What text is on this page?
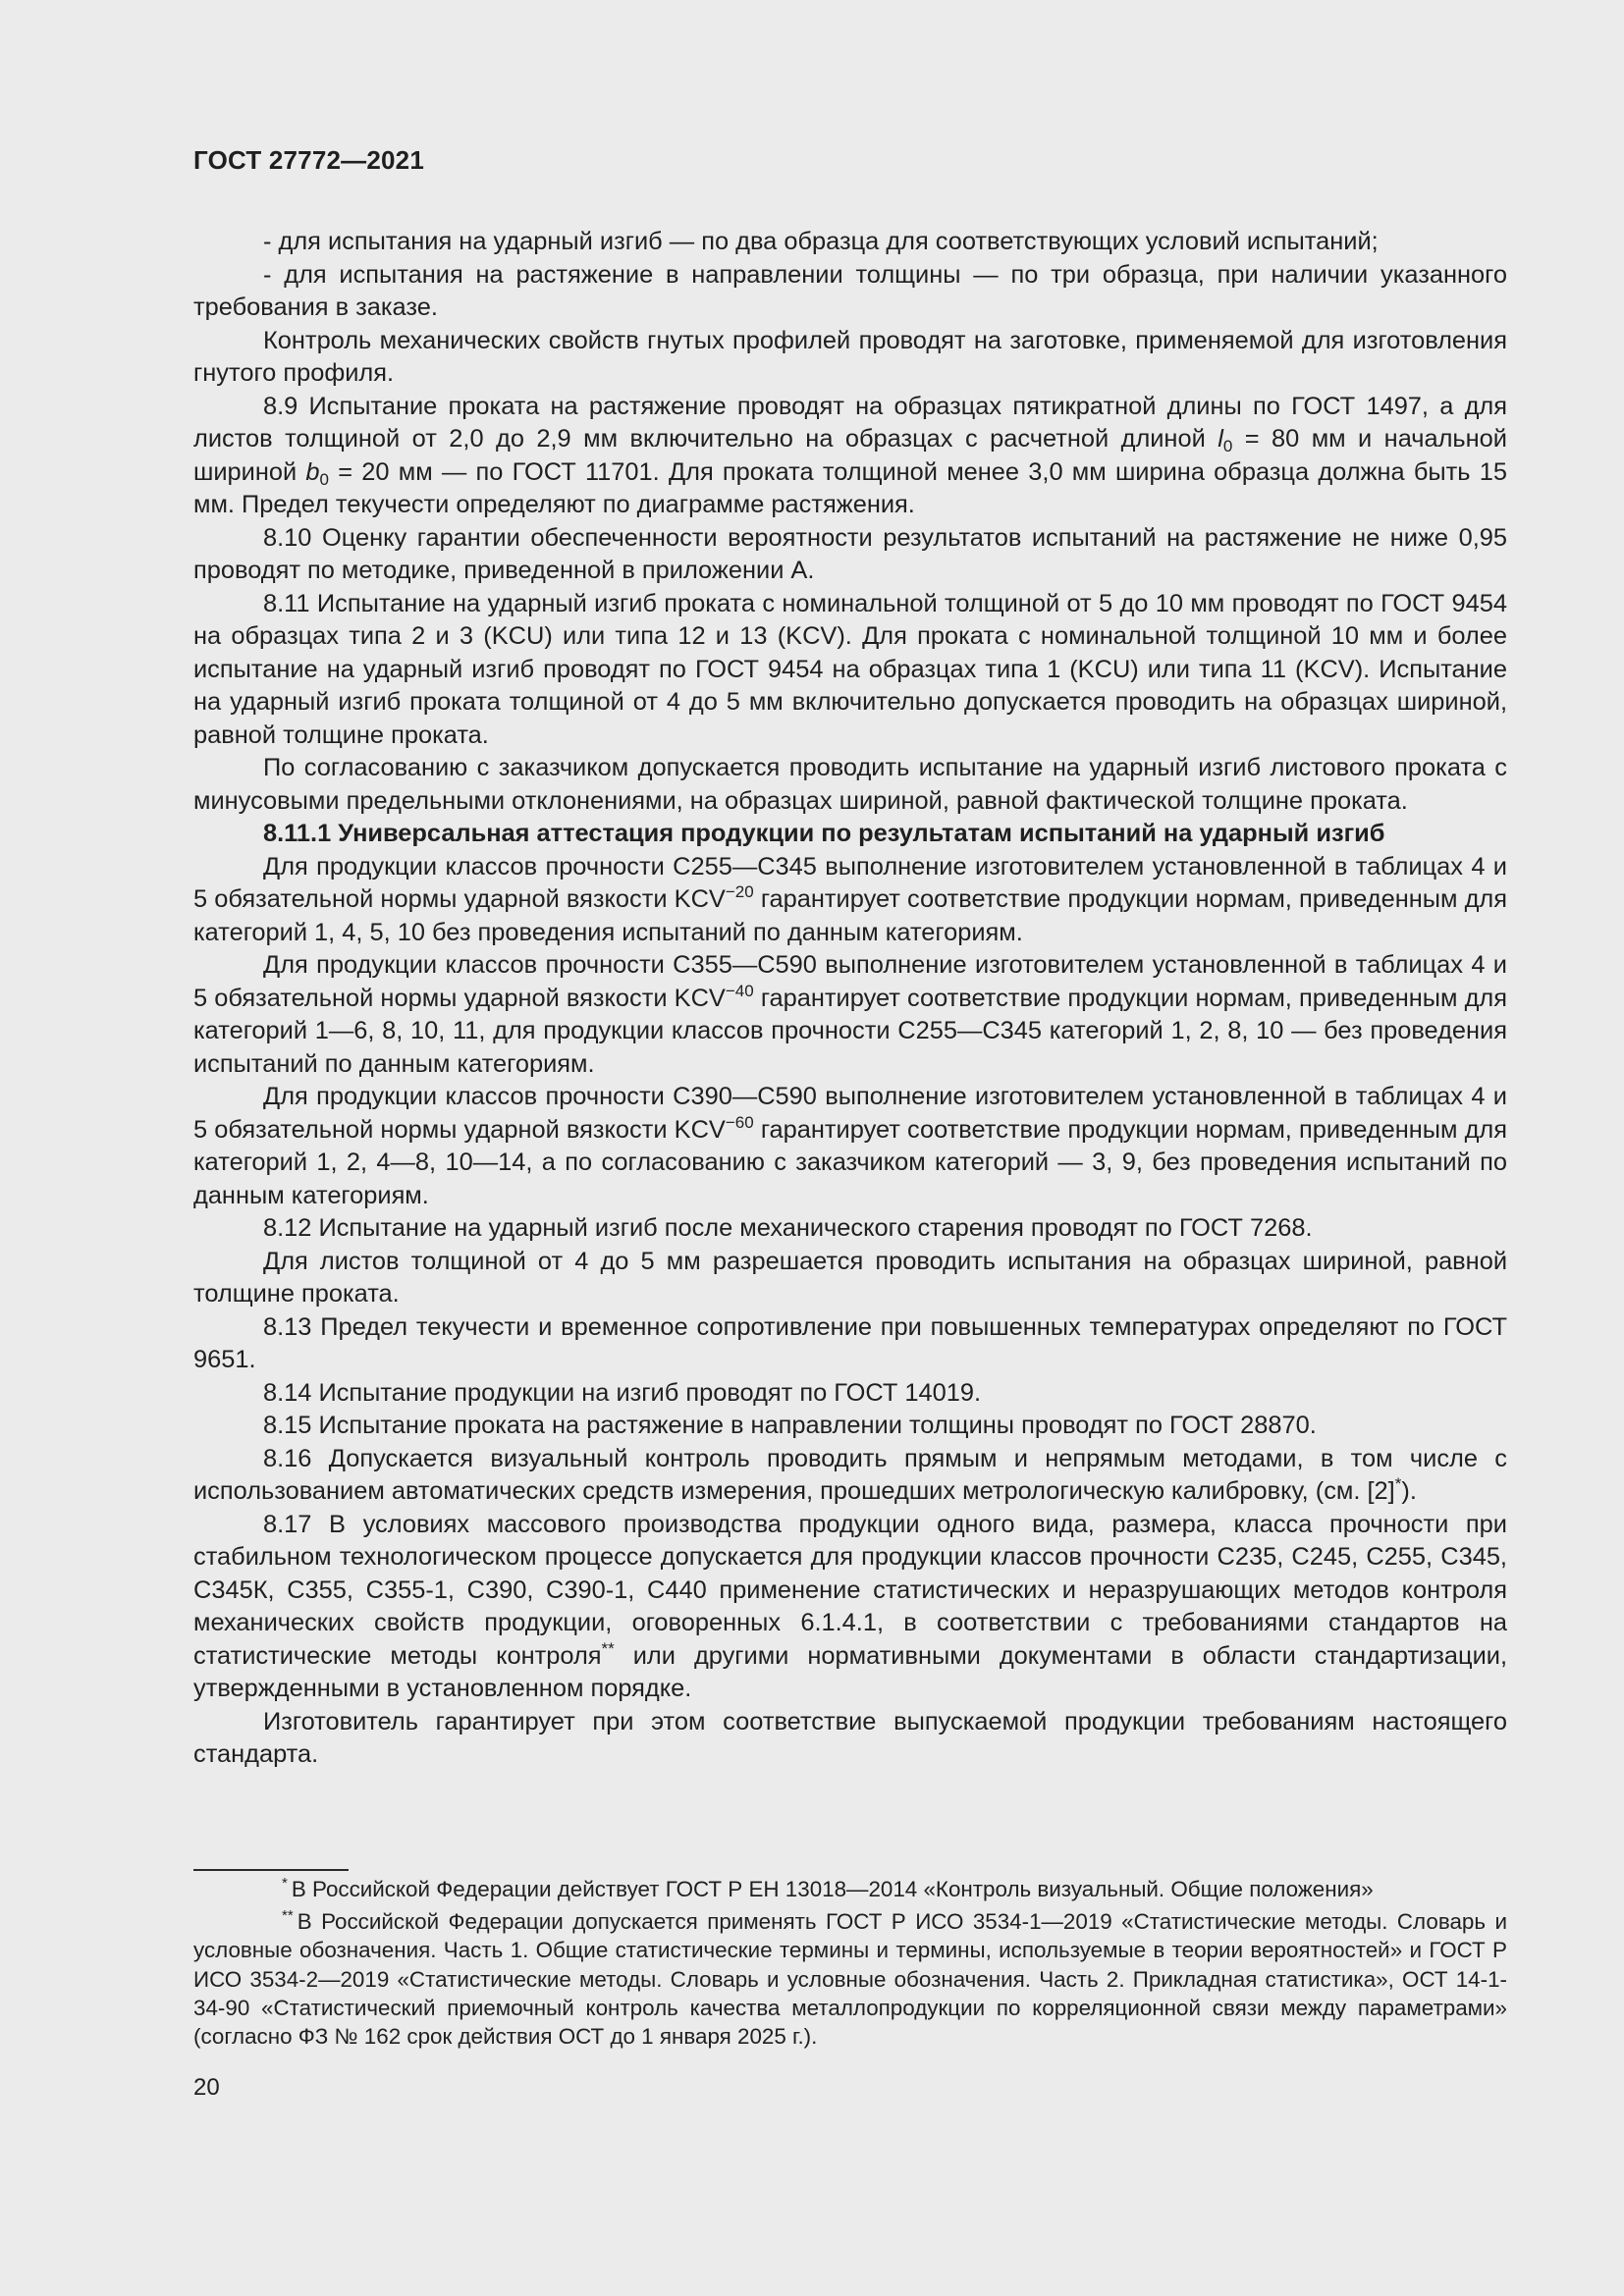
ГОСТ 27772—2021

- для испытания на ударный изгиб — по два образца для соответствующих условий испытаний;

- для испытания на растяжение в направлении толщины — по три образца, при наличии указанного требования в заказе.

Контроль механических свойств гнутых профилей проводят на заготовке, применяемой для изготовления гнутого профиля.

8.9 Испытание проката на растяжение проводят на образцах пятикратной длины по ГОСТ 1497, а для листов толщиной от 2,0 до 2,9 мм включительно на образцах с расчетной длиной $l_0 = 80$ мм и начальной шириной $b_0 = 20$ мм — по ГОСТ 11701. Для проката толщиной менее 3,0 мм ширина образца должна быть 15 мм. Предел текучести определяют по диаграмме растяжения.

8.10 Оценку гарантии обеспеченности вероятности результатов испытаний на растяжение не ниже 0,95 проводят по методике, приведенной в приложении А.

8.11 Испытание на ударный изгиб проката с номинальной толщиной от 5 до 10 мм проводят по ГОСТ 9454 на образцах типа 2 и 3 (KCU) или типа 12 и 13 (KCV). Для проката с номинальной толщиной 10 мм и более испытание на ударный изгиб проводят по ГОСТ 9454 на образцах типа 1 (KCU) или типа 11 (KCV). Испытание на ударный изгиб проката толщиной от 4 до 5 мм включительно допускается проводить на образцах шириной, равной толщине проката.

По согласованию с заказчиком допускается проводить испытание на ударный изгиб листового проката с минусовыми предельными отклонениями, на образцах шириной, равной фактической толщине проката.

8.11.1 Универсальная аттестация продукции по результатам испытаний на ударный изгиб

Для продукции классов прочности С255—С345 выполнение изготовителем установленной в таблицах 4 и 5 обязательной нормы ударной вязкости $KCV^{-20}$ гарантирует соответствие продукции нормам, приведенным для категорий 1, 4, 5, 10 без проведения испытаний по данным категориям.

Для продукции классов прочности С355—С590 выполнение изготовителем установленной в таблицах 4 и 5 обязательной нормы ударной вязкости $KCV^{-40}$ гарантирует соответствие продукции нормам, приведенным для категорий 1—6, 8, 10, 11, для продукции классов прочности С255—С345 категорий 1, 2, 8, 10 — без проведения испытаний по данным категориям.

Для продукции классов прочности С390—С590 выполнение изготовителем установленной в таблицах 4 и 5 обязательной нормы ударной вязкости $KCV^{-60}$ гарантирует соответствие продукции нормам, приведенным для категорий 1, 2, 4—8, 10—14, а по согласованию с заказчиком категорий — 3, 9, без проведения испытаний по данным категориям.

8.12 Испытание на ударный изгиб после механического старения проводят по ГОСТ 7268.

Для листов толщиной от 4 до 5 мм разрешается проводить испытания на образцах шириной, равной толщине проката.

8.13 Предел текучести и временное сопротивление при повышенных температурах определяют по ГОСТ 9651.

8.14 Испытание продукции на изгиб проводят по ГОСТ 14019.

8.15 Испытание проката на растяжение в направлении толщины проводят по ГОСТ 28870.

8.16 Допускается визуальный контроль проводить прямым и непрямым методами, в том числе с использованием автоматических средств измерения, прошедших метрологическую калибровку, (см. [2]*).

8.17 В условиях массового производства продукции одного вида, размера, класса прочности при стабильном технологическом процессе допускается для продукции классов прочности С235, С245, С255, С345, С345К, С355, С355-1, С390, С390-1, С440 применение статистических и неразрушающих методов контроля механических свойств продукции, оговоренных 6.1.4.1, в соответствии с требованиями стандартов на статистические методы контроля** или другими нормативными документами в области стандартизации, утвержденными в установленном порядке.

Изготовитель гарантирует при этом соответствие выпускаемой продукции требованиям настоящего стандарта.

* В Российской Федерации действует ГОСТ Р ЕН 13018—2014 «Контроль визуальный. Общие положения»

** В Российской Федерации допускается применять ГОСТ Р ИСО 3534-1—2019 «Статистические методы. Словарь и условные обозначения. Часть 1. Общие статистические термины и термины, используемые в теории вероятностей» и ГОСТ Р ИСО 3534-2—2019 «Статистические методы. Словарь и условные обозначения. Часть 2. Прикладная статистика», ОСТ 14-1-34-90 «Статистический приемочный контроль качества металлопродукции по корреляционной связи между параметрами» (согласно ФЗ № 162 срок действия ОСТ до 1 января 2025 г.).

20
